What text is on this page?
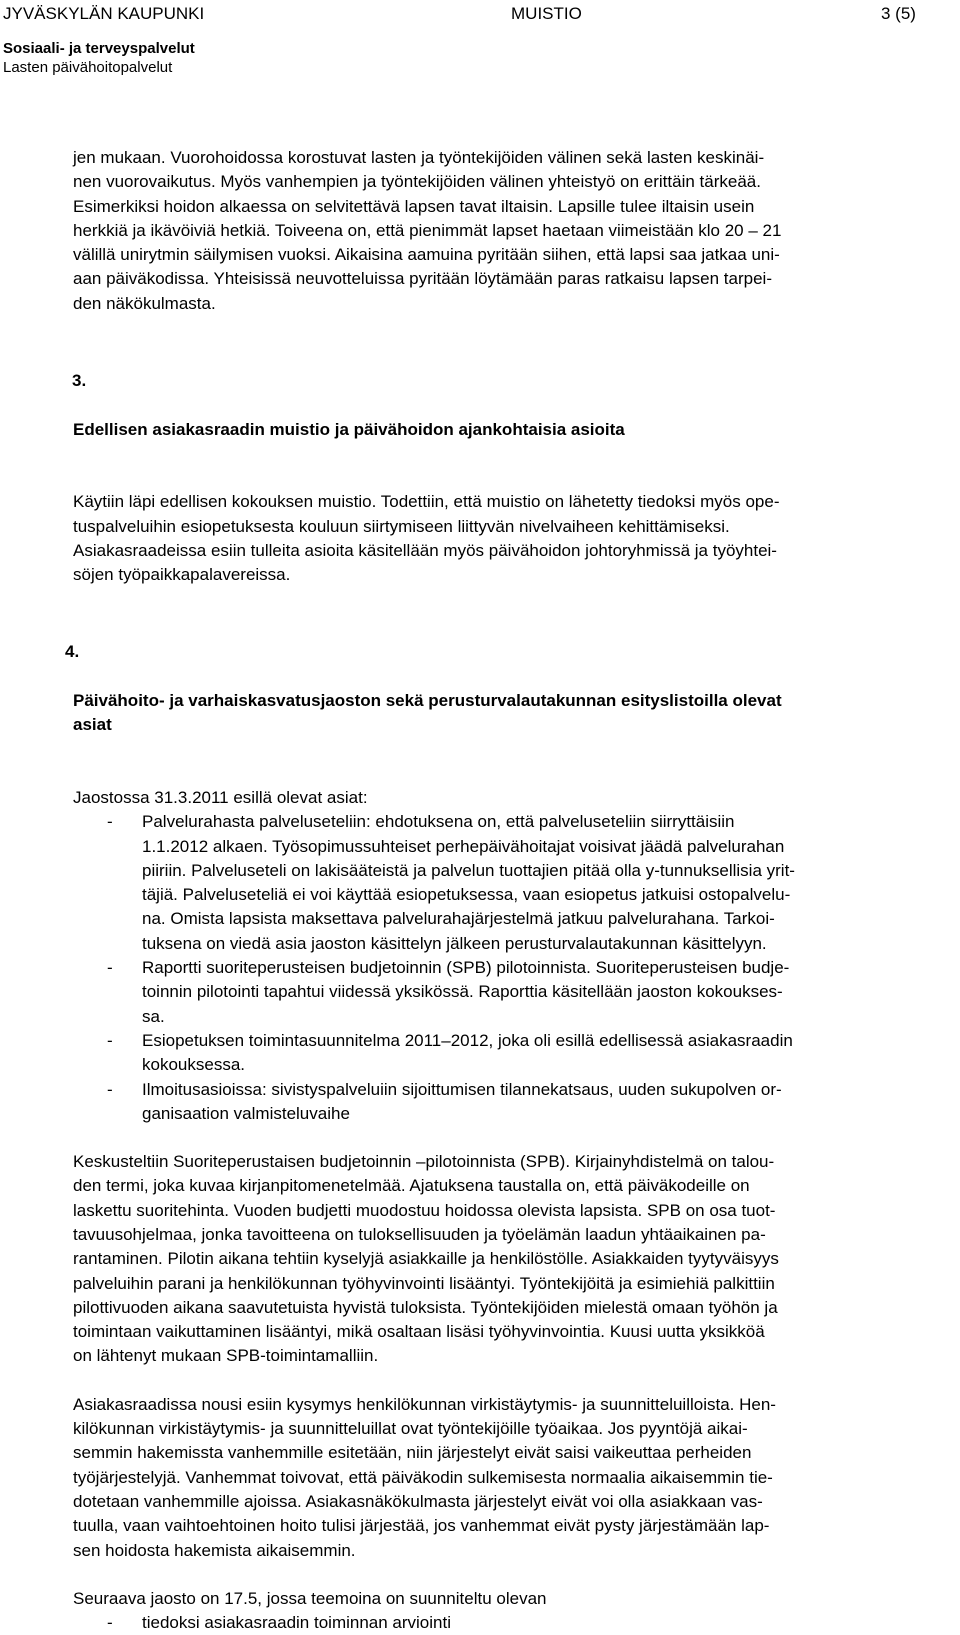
JYVÄSKYLÄN KAUPUNKI	MUISTIO	3 (5)
Sosiaali- ja terveyspalvelut
Lasten päivähoitopalvelut

jen mukaan. Vuorohoidossa korostuvat lasten ja työntekijöiden välinen sekä lasten keskinäi-
nen vuorovaikutus. Myös vanhempien ja työntekijöiden välinen yhteistyö on erittäin tärkeää.
Esimerkiksi hoidon alkaessa on selvitettävä lapsen tavat iltaisin. Lapsille tulee iltaisin usein
herkkiä ja ikävöiviä hetkiä. Toiveena on, että pienimmät lapset haetaan viimeistään klo 20 – 21
välillä unirytmin säilymisen vuoksi. Aikaisina aamuina pyritään siihen, että lapsi saa jatkaa uni-
aan päiväkodissa. Yhteisissä neuvotteluissa pyritään löytämään paras ratkaisu lapsen tarpei-
den näkökulmasta.

3.

Edellisen asiakasraadin muistio ja päivähoidon ajankohtaisia asioita

Käytiin läpi edellisen kokouksen muistio. Todettiin, että muistio on lähetetty tiedoksi myös ope-
tuspalveluihin esiopetuksesta kouluun siirtymiseen liittyvän nivelvaiheen kehittämiseksi.
Asiakasraadeissa esiin tulleita asioita käsitellään myös päivähoidon johtoryhmissä ja työyhtei-
söjen työpaikkapalavereissa.

4.

Päivähoito- ja varhaiskasvatusjaoston sekä perusturvalautakunnan esityslistoilla olevat
asiat

Jaostossa 31.3.2011 esillä olevat asiat:

- Palvelurahasta palveluseteliin: ehdotuksena on, että palveluseteliin siirryttäisiin
1.1.2012 alkaen. Työsopimussuhteiset perhepäivähoitajat voisivat jäädä palvelurahan
piiriin. Palveluseteli on lakisääteistä ja palvelun tuottajien pitää olla y-tunnuksellisia yrit-
täjiä. Palveluseteliä ei voi käyttää esiopetuksessa, vaan esiopetus jatkuisi ostopalvelu-
na. Omista lapsista maksettava palvelurahajärjestelmä jatkuu palvelurahana. Tarkoi-
tuksena on viedä asia jaoston käsittelyn jälkeen perusturvalautakunnan käsittelyyn.
- Raportti suoriteperusteisen budjetoinnin (SPB) pilotoinnista. Suoriteperusteisen budje-
toinnin pilotointi tapahtui viidessä yksikössä. Raporttia käsitellään jaoston kokoukses-
sa.
- Esiopetuksen toimintasuunnitelma 2011–2012, joka oli esillä edellisessä asiakasraadin
kokouksessa.
- Ilmoitusasioissa: sivistyspalveluiin sijoittumisen tilannekatsaus, uuden sukupolven or-
ganisaation valmisteluvaihe

Keskusteltiin Suoriteperustaisen budjetoinnin –pilotoinnista (SPB). Kirjainyhdistelmä on talou-
den termi, joka kuvaa kirjanpitomenetelmää. Ajatuksena taustalla on, että päiväkodeille on
laskettu suoritehinta. Vuoden budjetti muodostuu hoidossa olevista lapsista. SPB on osa tuot-
tavuusohjelmaa, jonka tavoitteena on tuloksellisuuden ja työelämän laadun yhtäaikainen pa-
rantaminen. Pilotin aikana tehtiin kyselyjä asiakkaille ja henkilöstölle. Asiakkaiden tyytyväisyys
palveluihin parani ja henkilökunnan työhyvinvointi lisääntyi. Työntekijöitä ja esimiehiä palkittiin
pilottivuoden aikana saavutetuista hyvistä tuloksista. Työntekijöiden mielestä omaan työhön ja
toimintaan vaikuttaminen lisääntyi, mikä osaltaan lisäsi työhyvinvointia. Kuusi uutta yksikköä
on lähtenyt mukaan SPB-toimintamalliin.

Asiakasraadissa nousi esiin kysymys henkilökunnan virkistäytymis- ja suunnitteluilloista. Hen-
kilökunnan virkistäytymis- ja suunnitteluillat ovat työntekijöille työaikaa. Jos pyyntöjä aikai-
semmin hakemissta vanhemmille esitetään, niin järjestelyt eivät saisi vaikeuttaa perheiden
työjärjestelyjä. Vanhemmat toivovat, että päiväkodin sulkemisesta normaalia aikaisemmin tie-
dotetaan vanhemmille ajoissa. Asiakasnäkökulmasta järjestelyt eivät voi olla asiakkaan vas-
tuulla, vaan vaihtoehtoinen hoito tulisi järjestää, jos vanhemmat eivät pysty järjestämään lap-
sen hoidosta hakemista aikaisemmin.

Seuraava jaosto on 17.5, jossa teemoina on suunniteltu olevan

- tiedoksi asiakasraadin toiminnan arviointi
